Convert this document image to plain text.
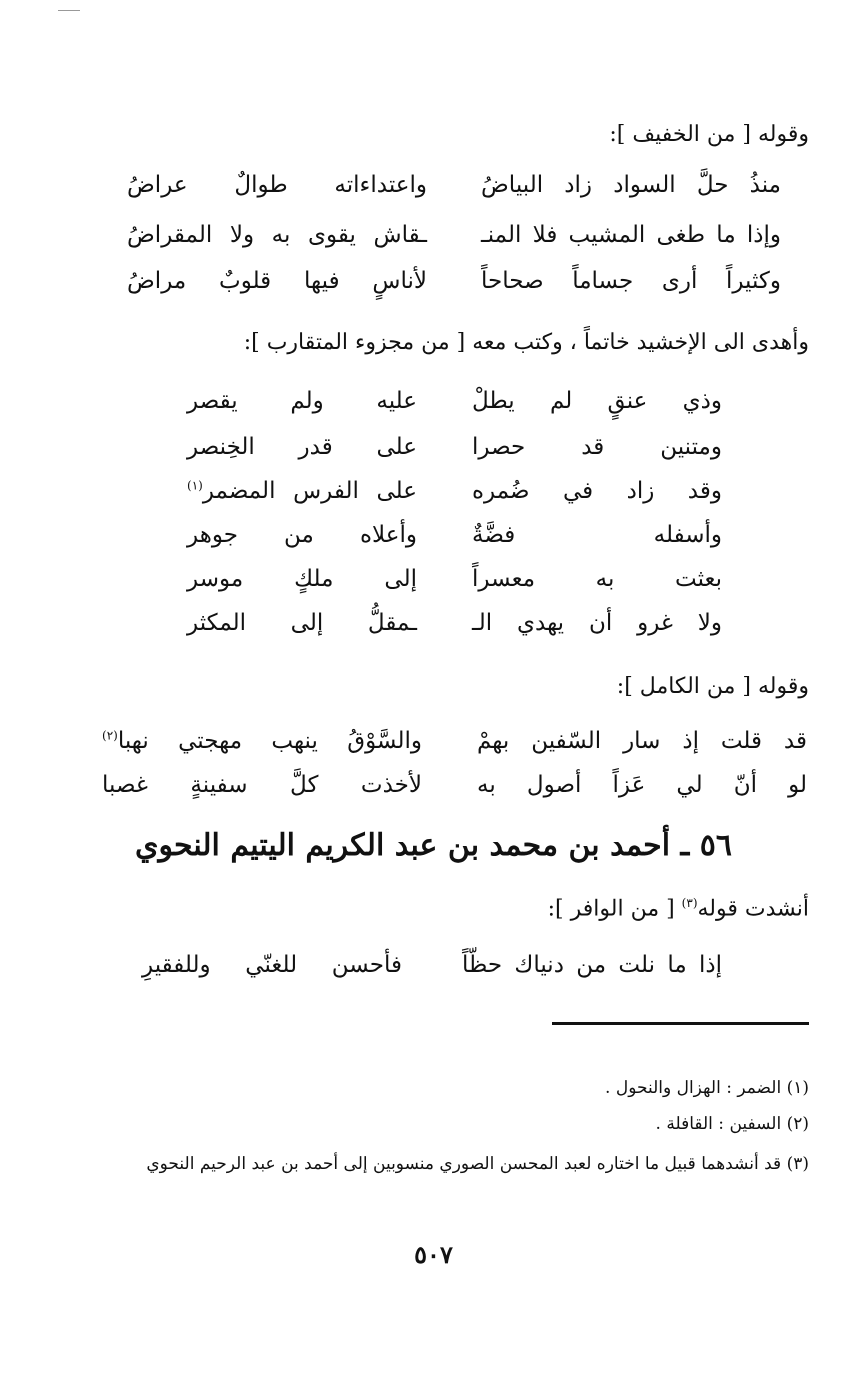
وقوله [ من الخفيف ]:
منذُ حلَّ السواد زاد البياضُ
واعتداءاته طوالٌ عراضُ
وإذا ما طغى المشيب فلا المنـ
ـقاش يقوى به ولا المقراضُ
وكثيراً أرى جساماً صحاحاً
لأناسٍ فيها قلوبٌ مراضُ
وأهدى الى الإخشيد خاتماً ، وكتب معه [ من مجزوء المتقارب ]:
وذي عنقٍ لم يطلْ
عليه ولم يقصر
ومتنين قد حصرا
على قدر الخِنصر
وقد زاد في ضُمره
على الفرس المضمر$^{(١)}$
وأسفله فضَّةٌ
وأعلاه من جوهر
بعثت به معسراً
إلى ملكٍ موسر
ولا غرو أن يهدي الـ
ـمقلُّ إلى المكثر
وقوله [ من الكامل ]:
قد قلت إذ سار السّفين بهمْ
والسَّوْقُ ينهب مهجتي نهبا$^{(٢)}$
لو أنّ لي عَزاً أصول به
لأخذت كلَّ سفينةٍ غصبا
٥٦ ـ أحمد بن محمد بن عبد الكريم اليتيم النحوي
أنشدت قوله$^{(٣)}$ [ من الوافر ]:
إذا ما نلت من دنياك حظّاً
فأحسن للغنّي وللفقيرِ
(١) الضمر : الهزال والنحول .
(٢) السفين : القافلة .
(٣) قد أنشدهما قبيل ما اختاره لعبد المحسن الصوري منسوبين إلى أحمد بن عبد الرحيم النحوي
٥٠٧
